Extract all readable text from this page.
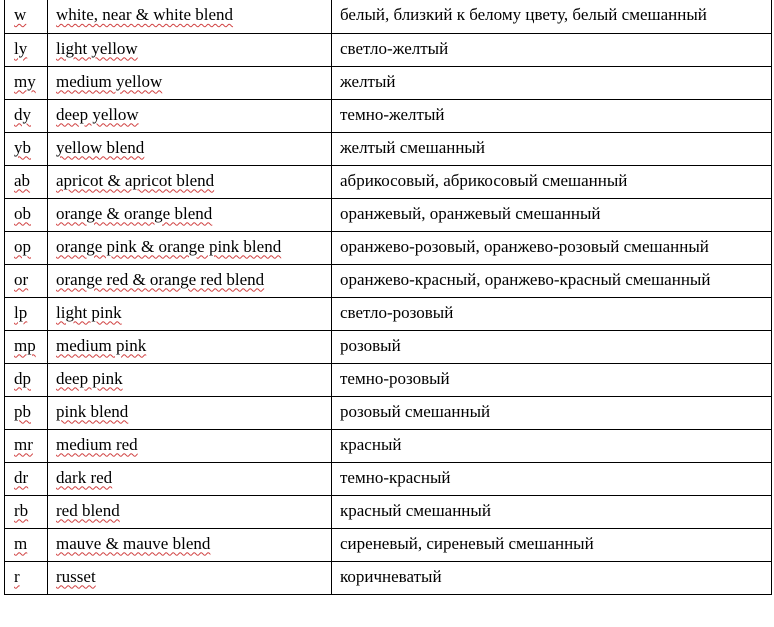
w	white, near & white blend	белый, близкий к белому цвету, белый смешанный
ly	light yellow	светло-желтый
my	medium yellow	желтый
dy	deep yellow	темно-желтый
yb	yellow blend	желтый смешанный
ab	apricot & apricot blend	абрикосовый, абрикосовый смешанный
ob	orange & orange blend	оранжевый, оранжевый смешанный
op	orange pink & orange pink blend	оранжево-розовый, оранжево-розовый смешанный
or	orange red & orange red blend	оранжево-красный, оранжево-красный смешанный
lp	light pink	светло-розовый
mp	medium pink	розовый
dp	deep pink	темно-розовый
pb	pink blend	розовый смешанный
mr	medium red	красный
dr	dark red	темно-красный
rb	red blend	красный смешанный
m	mauve & mauve blend	сиреневый, сиреневый смешанный
r	russet	коричневатый
